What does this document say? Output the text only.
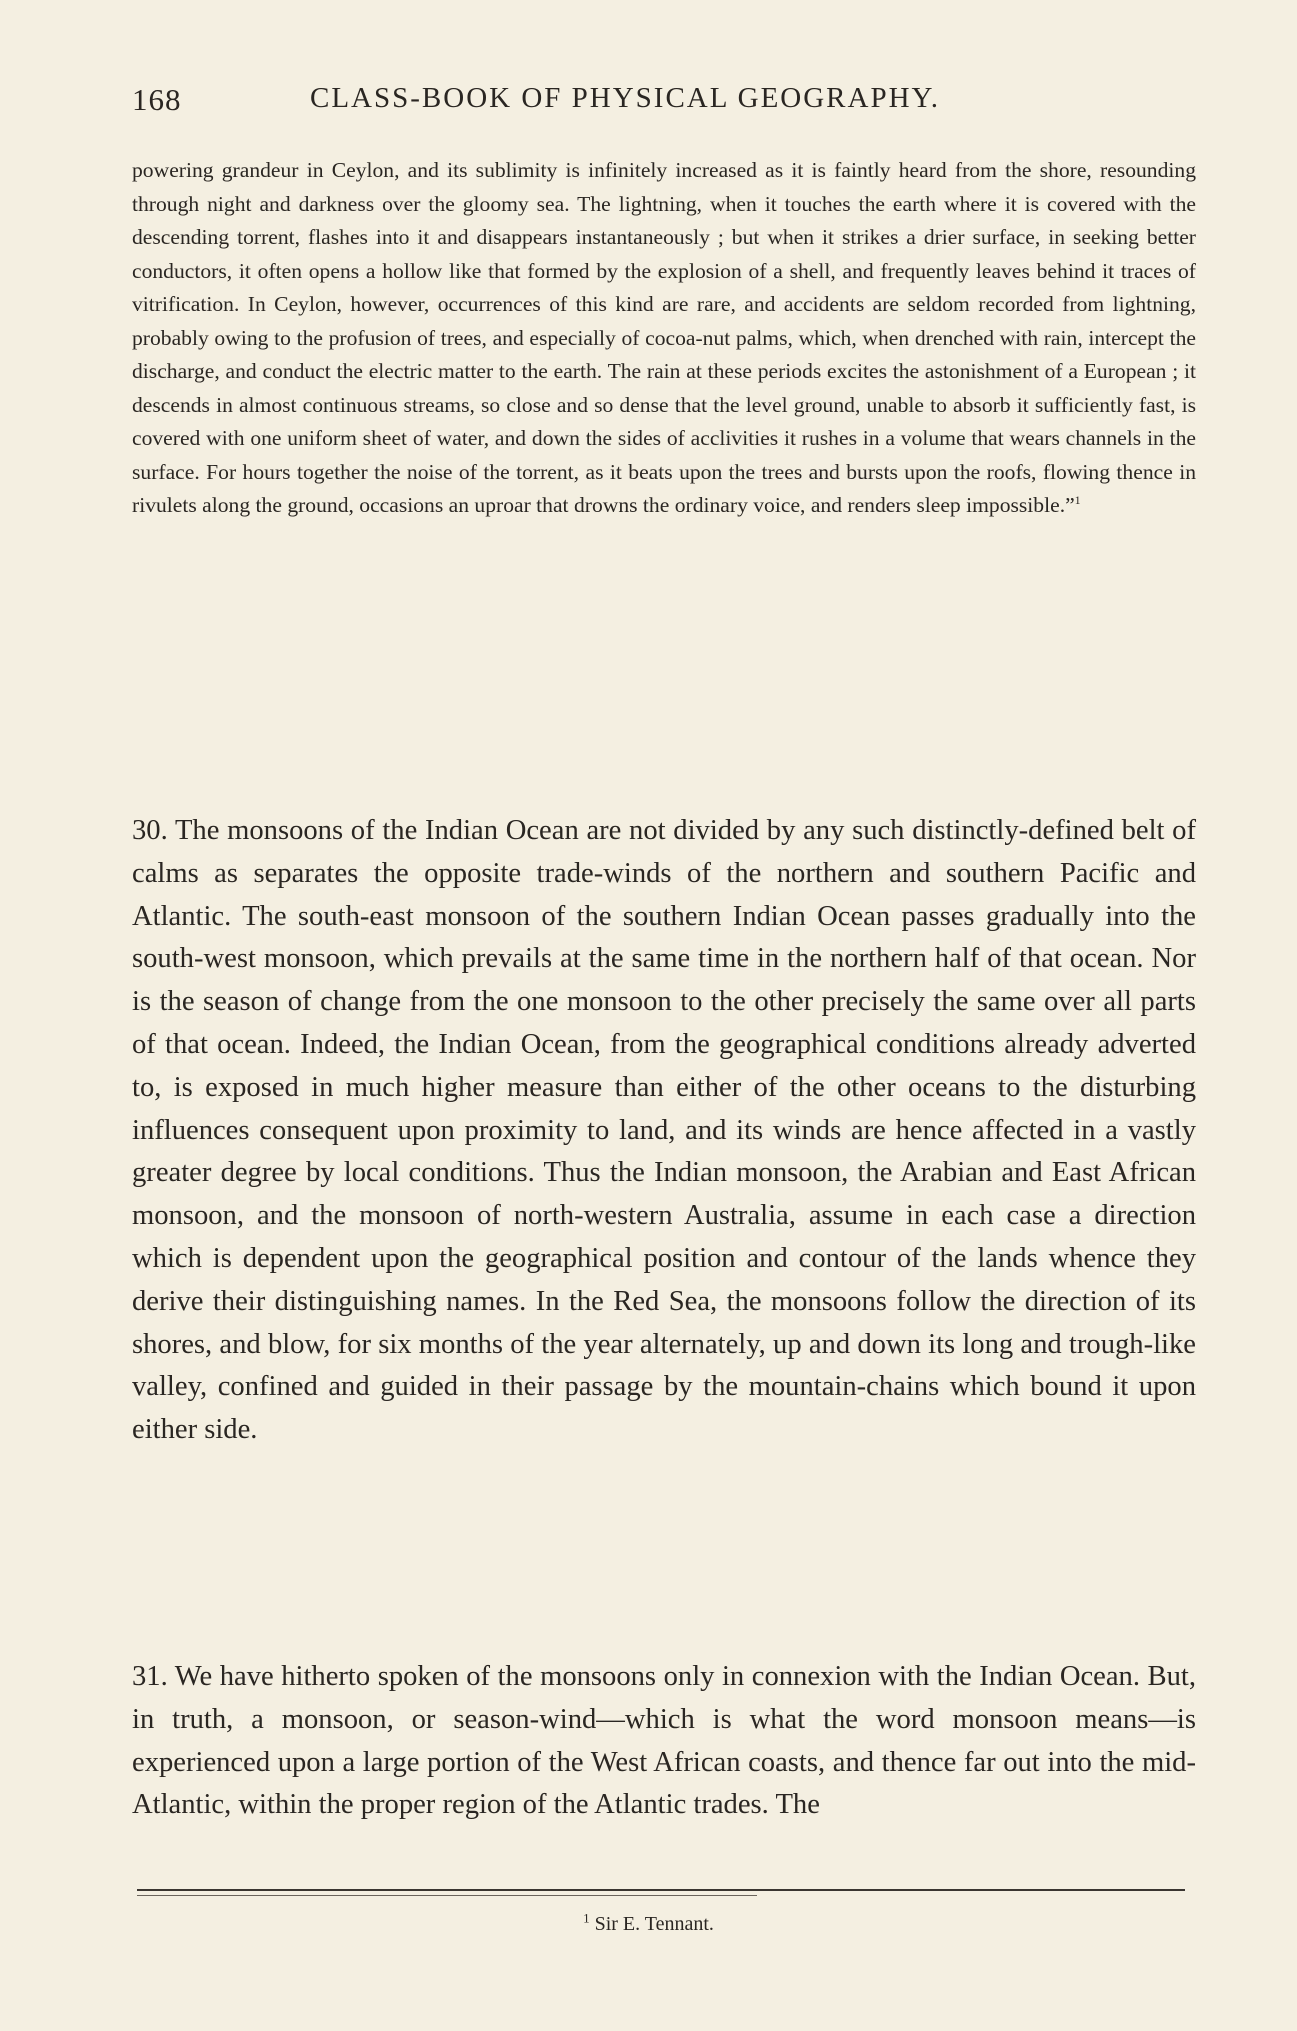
168	CLASS-BOOK OF PHYSICAL GEOGRAPHY.

powering grandeur in Ceylon, and its sublimity is infinitely increased as it is faintly heard from the shore, resounding through night and darkness over the gloomy sea. The lightning, when it touches the earth where it is covered with the descending torrent, flashes into it and disappears instantaneously ; but when it strikes a drier surface, in seeking better conductors, it often opens a hollow like that formed by the explosion of a shell, and frequently leaves behind it traces of vitrification. In Ceylon, however, occurrences of this kind are rare, and accidents are seldom recorded from lightning, probably owing to the profusion of trees, and especially of cocoa-nut palms, which, when drenched with rain, intercept the discharge, and conduct the electric matter to the earth. The rain at these periods excites the astonishment of a European ; it descends in almost continuous streams, so close and so dense that the level ground, unable to absorb it sufficiently fast, is covered with one uniform sheet of water, and down the sides of acclivities it rushes in a volume that wears channels in the surface. For hours together the noise of the torrent, as it beats upon the trees and bursts upon the roofs, flowing thence in rivulets along the ground, occasions an uproar that drowns the ordinary voice, and renders sleep impossible.”$^1$

30. The monsoons of the Indian Ocean are not divided by any such distinctly-defined belt of calms as separates the opposite trade-winds of the northern and southern Pacific and Atlantic. The south-east monsoon of the southern Indian Ocean passes gradually into the south-west monsoon, which prevails at the same time in the northern half of that ocean. Nor is the season of change from the one monsoon to the other precisely the same over all parts of that ocean. Indeed, the Indian Ocean, from the geographical conditions already adverted to, is exposed in much higher measure than either of the other oceans to the disturbing influences consequent upon proximity to land, and its winds are hence affected in a vastly greater degree by local conditions. Thus the Indian monsoon, the Arabian and East African monsoon, and the monsoon of north-western Australia, assume in each case a direction which is dependent upon the geographical position and contour of the lands whence they derive their distinguishing names. In the Red Sea, the monsoons follow the direction of its shores, and blow, for six months of the year alternately, up and down its long and trough-like valley, confined and guided in their passage by the mountain-chains which bound it upon either side.

31. We have hitherto spoken of the monsoons only in connexion with the Indian Ocean. But, in truth, a monsoon, or season-wind—which is what the word monsoon means—is experienced upon a large portion of the West African coasts, and thence far out into the mid-Atlantic, within the proper region of the Atlantic trades. The

$^1$ Sir E. Tennant.
